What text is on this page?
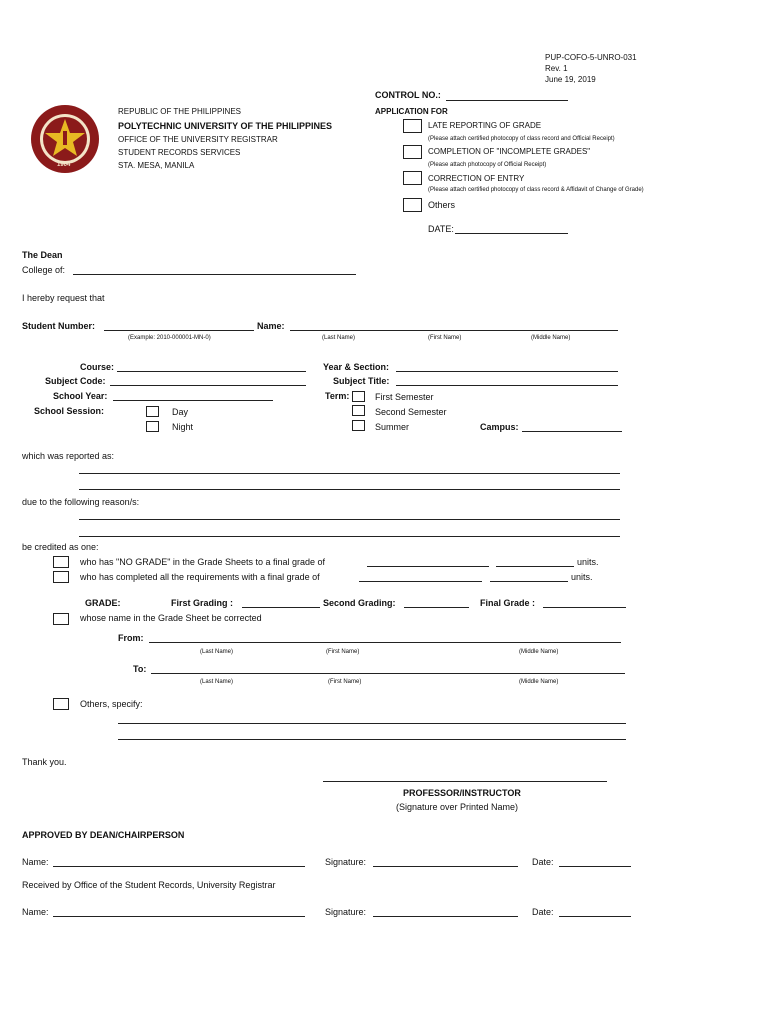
PUP-COFO-5-UNRO-031
Rev. 1
June 19, 2019
1904
REPUBLIC OF THE PHILIPPINES
POLYTECHNIC UNIVERSITY OF THE PHILIPPINES
OFFICE OF THE UNIVERSITY REGISTRAR
STUDENT RECORDS SERVICES
STA. MESA, MANILA
CONTROL NO.:
APPLICATION FOR
LATE REPORTING OF GRADE
(Please attach certified photocopy of class record and Official Receipt)
COMPLETION OF "INCOMPLETE GRADES"
(Please attach photocopy of Official Receipt)
CORRECTION OF ENTRY
(Please attach certified photocopy of class record & Affidavit of Change of Grade)
Others
DATE:
The Dean
College of:
I hereby request that
Student Number:
(Example: 2010-000001-MN-0)
Name:
(Last Name)	(First Name)	(Middle Name)
Course:
Subject Code:
School Year:
School Session:	Day
Night
Year & Section:
Subject Title:
Term:	First Semester
Second Semester
Summer	Campus:
which was reported as:
due to the following reason/s:
be credited as one:
who has "NO GRADE" in the Grade Sheets to a final grade of	units.
who has completed all the requirements with a final grade of	units.
GRADE:	First Grading :	Second Grading:	Final Grade :
whose name in the Grade Sheet be corrected
From:
(Last Name)	(First Name)	(Middle Name)
To:
(Last Name)	(First Name)	(Middle Name)
Others, specify:
Thank you.
PROFESSOR/INSTRUCTOR
(Signature over Printed Name)
APPROVED BY DEAN/CHAIRPERSON
Name:	Signature:	Date:
Received by Office of the Student Records, University Registrar
Name:	Signature:	Date:
